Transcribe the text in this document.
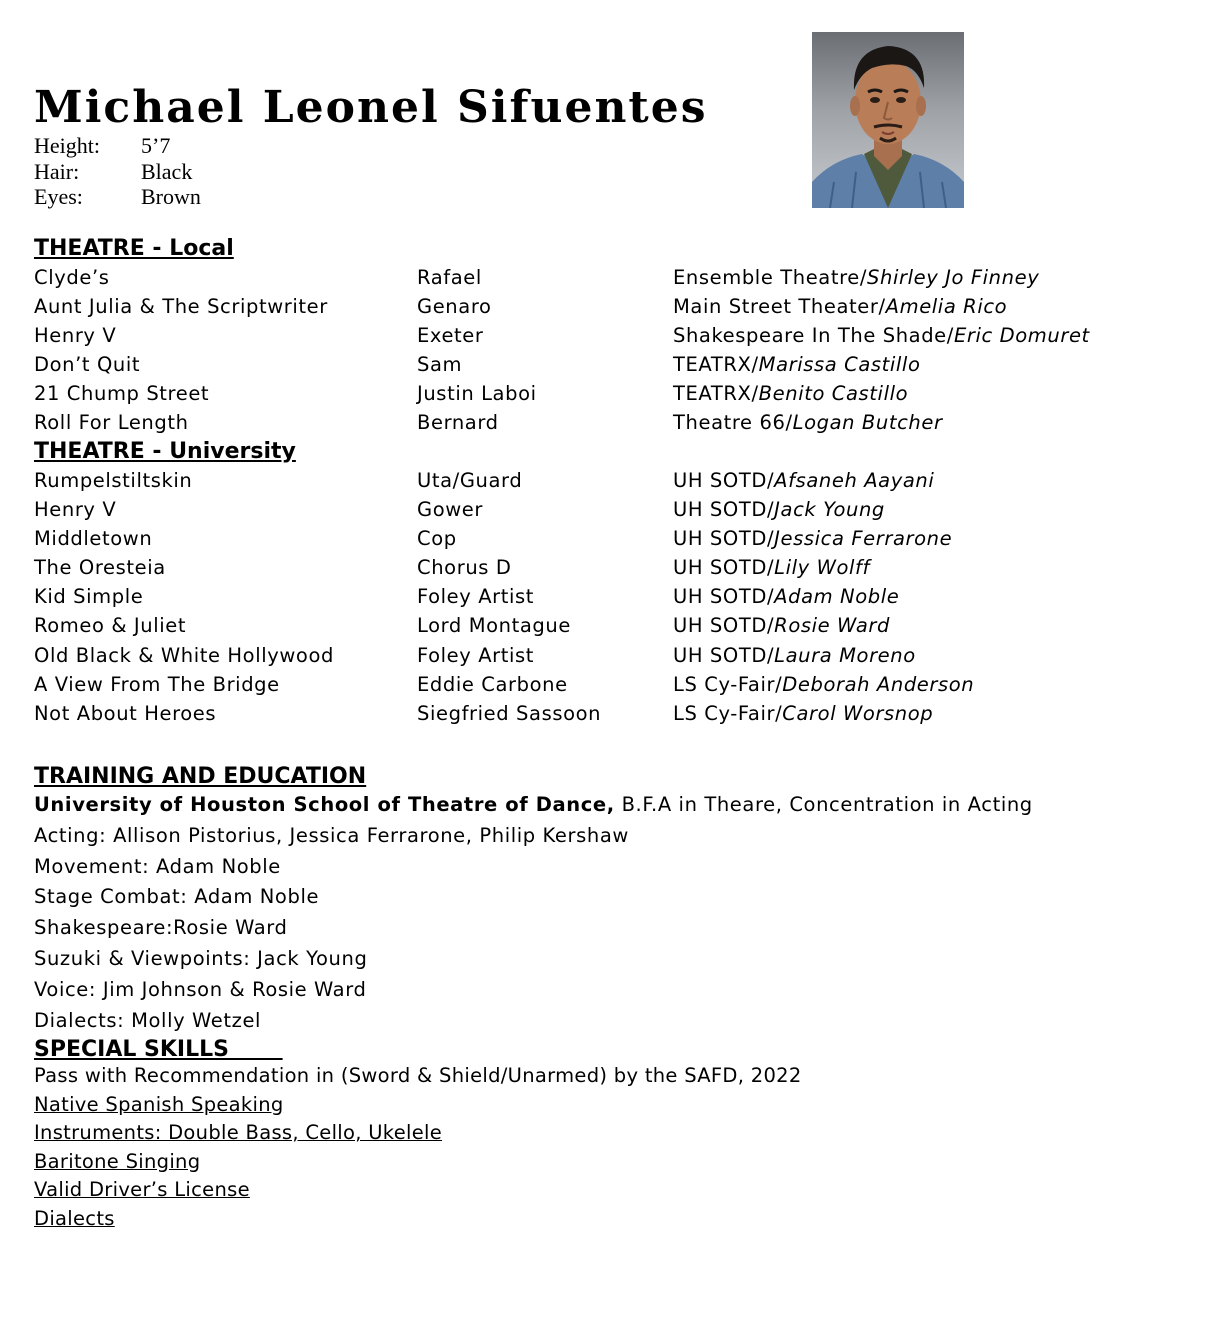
Michael Leonel Sifuentes
Height: 5’7
Hair:	Black
Eyes:	Brown
THEATRE - Local
Clyde’s	Rafael	Ensemble Theatre/Shirley Jo Finney
Aunt Julia & The Scriptwriter	Genaro	Main Street Theater/Amelia Rico
Henry V	Exeter	Shakespeare In The Shade/Eric Domuret
Don’t Quit	Sam	TEATRX/Marissa Castillo
21 Chump Street	Justin Laboi	TEATRX/Benito Castillo
Roll For Length	Bernard	Theatre 66/Logan Butcher
THEATRE - University
Rumpelstiltskin	Uta/Guard	UH SOTD/Afsaneh Aayani
Henry V	Gower	UH SOTD/Jack Young
Middletown	Cop	UH SOTD/Jessica Ferrarone
The Oresteia	Chorus D	UH SOTD/Lily Wolff
Kid Simple	Foley Artist	UH SOTD/Adam Noble
Romeo & Juliet	Lord Montague	UH SOTD/Rosie Ward
Old Black & White Hollywood	Foley Artist	UH SOTD/Laura Moreno
A View From The Bridge	Eddie Carbone	LS Cy-Fair/Deborah Anderson
Not About Heroes	Siegfried Sassoon	LS Cy-Fair/Carol Worsnop
TRAINING AND EDUCATION
University of Houston School of Theatre of Dance, B.F.A in Theare, Concentration in Acting
Acting: Allison Pistorius, Jessica Ferrarone, Philip Kershaw
Movement: Adam Noble
Stage Combat: Adam Noble
Shakespeare:Rosie Ward
Suzuki & Viewpoints: Jack Young
Voice: Jim Johnson & Rosie Ward
Dialects: Molly Wetzel
SPECIAL SKILLS
Pass with Recommendation in (Sword & Shield/Unarmed) by the SAFD, 2022
Native Spanish Speaking
Instruments: Double Bass, Cello, Ukelele
Baritone Singing
Valid Driver’s License
Dialects
